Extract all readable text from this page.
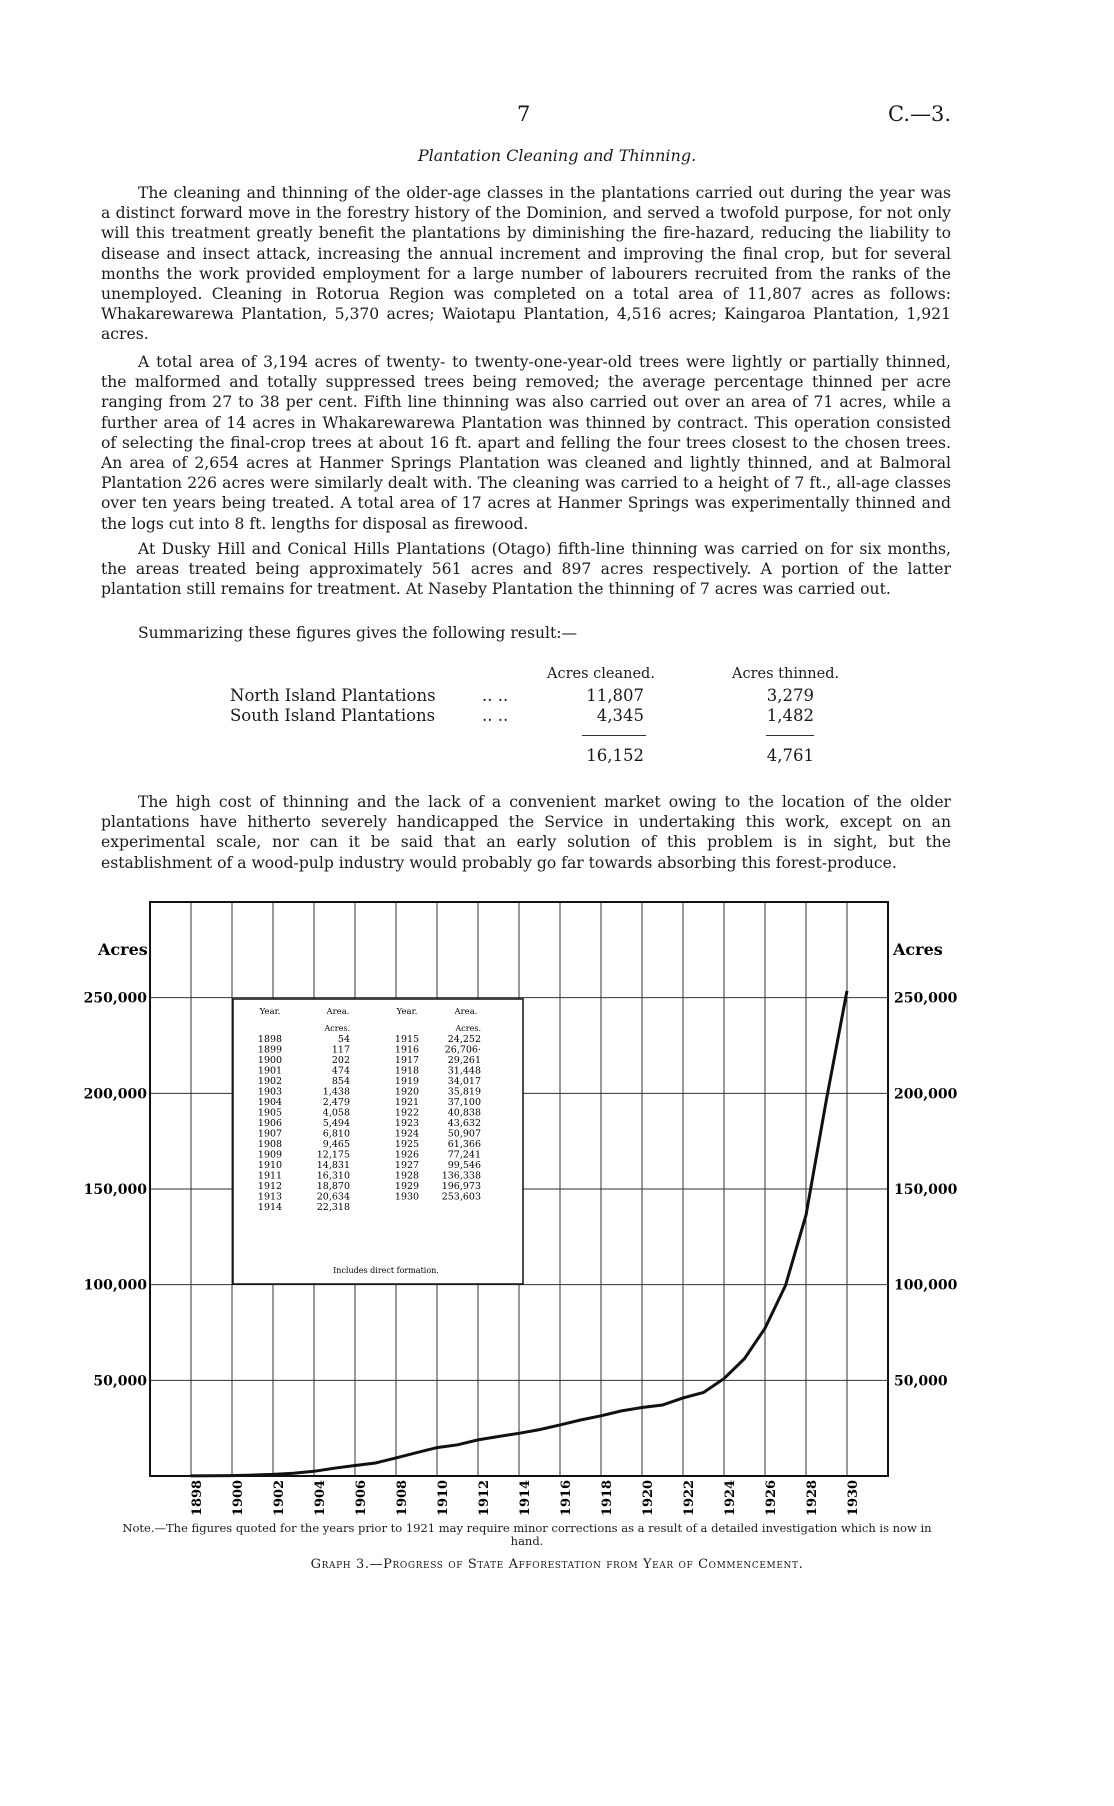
7	C.—3.
Plantation Cleaning and Thinning.

The cleaning and thinning of the older-age classes in the plantations carried out during the year was a distinct forward move in the forestry history of the Dominion, and served a twofold purpose, for not only will this treatment greatly benefit the plantations by diminishing the fire-hazard, reducing the liability to disease and insect attack, increasing the annual increment and improving the final crop, but for several months the work provided employment for a large number of labourers recruited from the ranks of the unemployed. Cleaning in Rotorua Region was completed on a total area of 11,807 acres as follows: Whakarewarewa Plantation, 5,370 acres; Waiotapu Plantation, 4,516 acres; Kaingaroa Plantation, 1,921 acres.

A total area of 3,194 acres of twenty- to twenty-one-year-old trees were lightly or partially thinned, the malformed and totally suppressed trees being removed; the average percentage thinned per acre ranging from 27 to 38 per cent. Fifth line thinning was also carried out over an area of 71 acres, while a further area of 14 acres in Whakarewarewa Plantation was thinned by contract. This operation consisted of selecting the final-crop trees at about 16 ft. apart and felling the four trees closest to the chosen trees. An area of 2,654 acres at Hanmer Springs Plantation was cleaned and lightly thinned, and at Balmoral Plantation 226 acres were similarly dealt with. The cleaning was carried to a height of 7 ft., all-age classes over ten years being treated. A total area of 17 acres at Hanmer Springs was experimentally thinned and the logs cut into 8 ft. lengths for disposal as firewood.

At Dusky Hill and Conical Hills Plantations (Otago) fifth-line thinning was carried on for six months, the areas treated being approximately 561 acres and 897 acres respectively. A portion of the latter plantation still remains for treatment. At Naseby Plantation the thinning of 7 acres was carried out.

Summarizing these figures gives the following result:—

Acres cleaned.	Acres thinned.
North Island Plantations	.. ..	11,807	3,279
South Island Plantations	.. ..	4,345	1,482
16,152	4,761

The high cost of thinning and the lack of a convenient market owing to the location of the older plantations have hitherto severely handicapped the Service in undertaking this work, except on an experimental scale, nor can it be said that an early solution of this problem is in sight, but the establishment of a wood-pulp industry would probably go far towards absorbing this forest-produce.

Acres	Acres
50,000	50,000
100,000	100,000
150,000	150,000
200,000	200,000
250,000	250,000
1898 1900 1902 1904 1906 1908 1910 1912 1914 1916 1918 1920 1922 1924 1926 1928 1930
Year.	Area.	Year.	Area.
Acres.	Acres.
1898	54
1899	117
1900	202
1901	474
1902	854
1903	1,438
1904	2,479
1905	4,058
1906	5,494
1907	6,810
1908	9,465
1909	12,175
1910	14,831
1911	16,310
1912	18,870
1913	20,634
1914	22,318
1915	24,252
1916	26,706·
1917	29,261
1918	31,448
1919	34,017
1920	35,819
1921	37,100
1922	40,838
1923	43,632
1924	50,907
1925	61,366
1926	77,241
1927	99,546
1928 136,338
1929 196,973
1930 253,603
Includes direct formation.
Note.—The figures quoted for the years prior to 1921 may require minor corrections as a result of a detailed investigation which is now in hand.
Graph 3.—Progress of State Afforestation from Year of Commencement.
